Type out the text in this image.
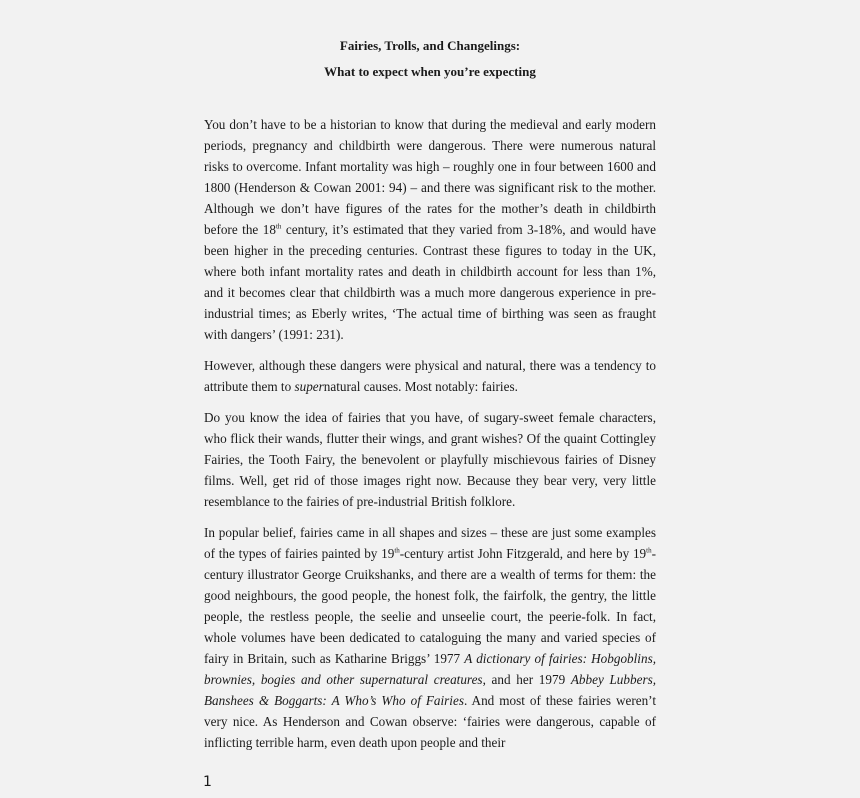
Fairies, Trolls, and Changelings:
What to expect when you’re expecting

You don’t have to be a historian to know that during the medieval and early modern periods, pregnancy and childbirth were dangerous. There were numerous natural risks to overcome. Infant mortality was high – roughly one in four between 1600 and 1800 (Henderson & Cowan 2001: 94) – and there was significant risk to the mother. Although we don’t have figures of the rates for the mother’s death in childbirth before the 18th century, it’s estimated that they varied from 3-18%, and would have been higher in the preceding centuries. Contrast these figures to today in the UK, where both infant mortality rates and death in childbirth account for less than 1%, and it becomes clear that childbirth was a much more dangerous experience in pre-industrial times; as Eberly writes, ‘The actual time of birthing was seen as fraught with dangers’ (1991: 231).

However, although these dangers were physical and natural, there was a tendency to attribute them to supernatural causes. Most notably: fairies.

Do you know the idea of fairies that you have, of sugary-sweet female characters, who flick their wands, flutter their wings, and grant wishes? Of the quaint Cottingley Fairies, the Tooth Fairy, the benevolent or playfully mischievous fairies of Disney films. Well, get rid of those images right now. Because they bear very, very little resemblance to the fairies of pre-industrial British folklore.

In popular belief, fairies came in all shapes and sizes – these are just some examples of the types of fairies painted by 19th-century artist John Fitzgerald, and here by 19th-century illustrator George Cruikshanks, and there are a wealth of terms for them: the good neighbours, the good people, the honest folk, the fairfolk, the gentry, the little people, the restless people, the seelie and unseelie court, the peerie-folk. In fact, whole volumes have been dedicated to cataloguing the many and varied species of fairy in Britain, such as Katharine Briggs’ 1977 A dictionary of fairies: Hobgoblins, brownies, bogies and other supernatural creatures, and her 1979 Abbey Lubbers, Banshees & Boggarts: A Who’s Who of Fairies. And most of these fairies weren’t very nice. As Henderson and Cowan observe: ‘fairies were dangerous, capable of inflicting terrible harm, even death upon people and their

1
